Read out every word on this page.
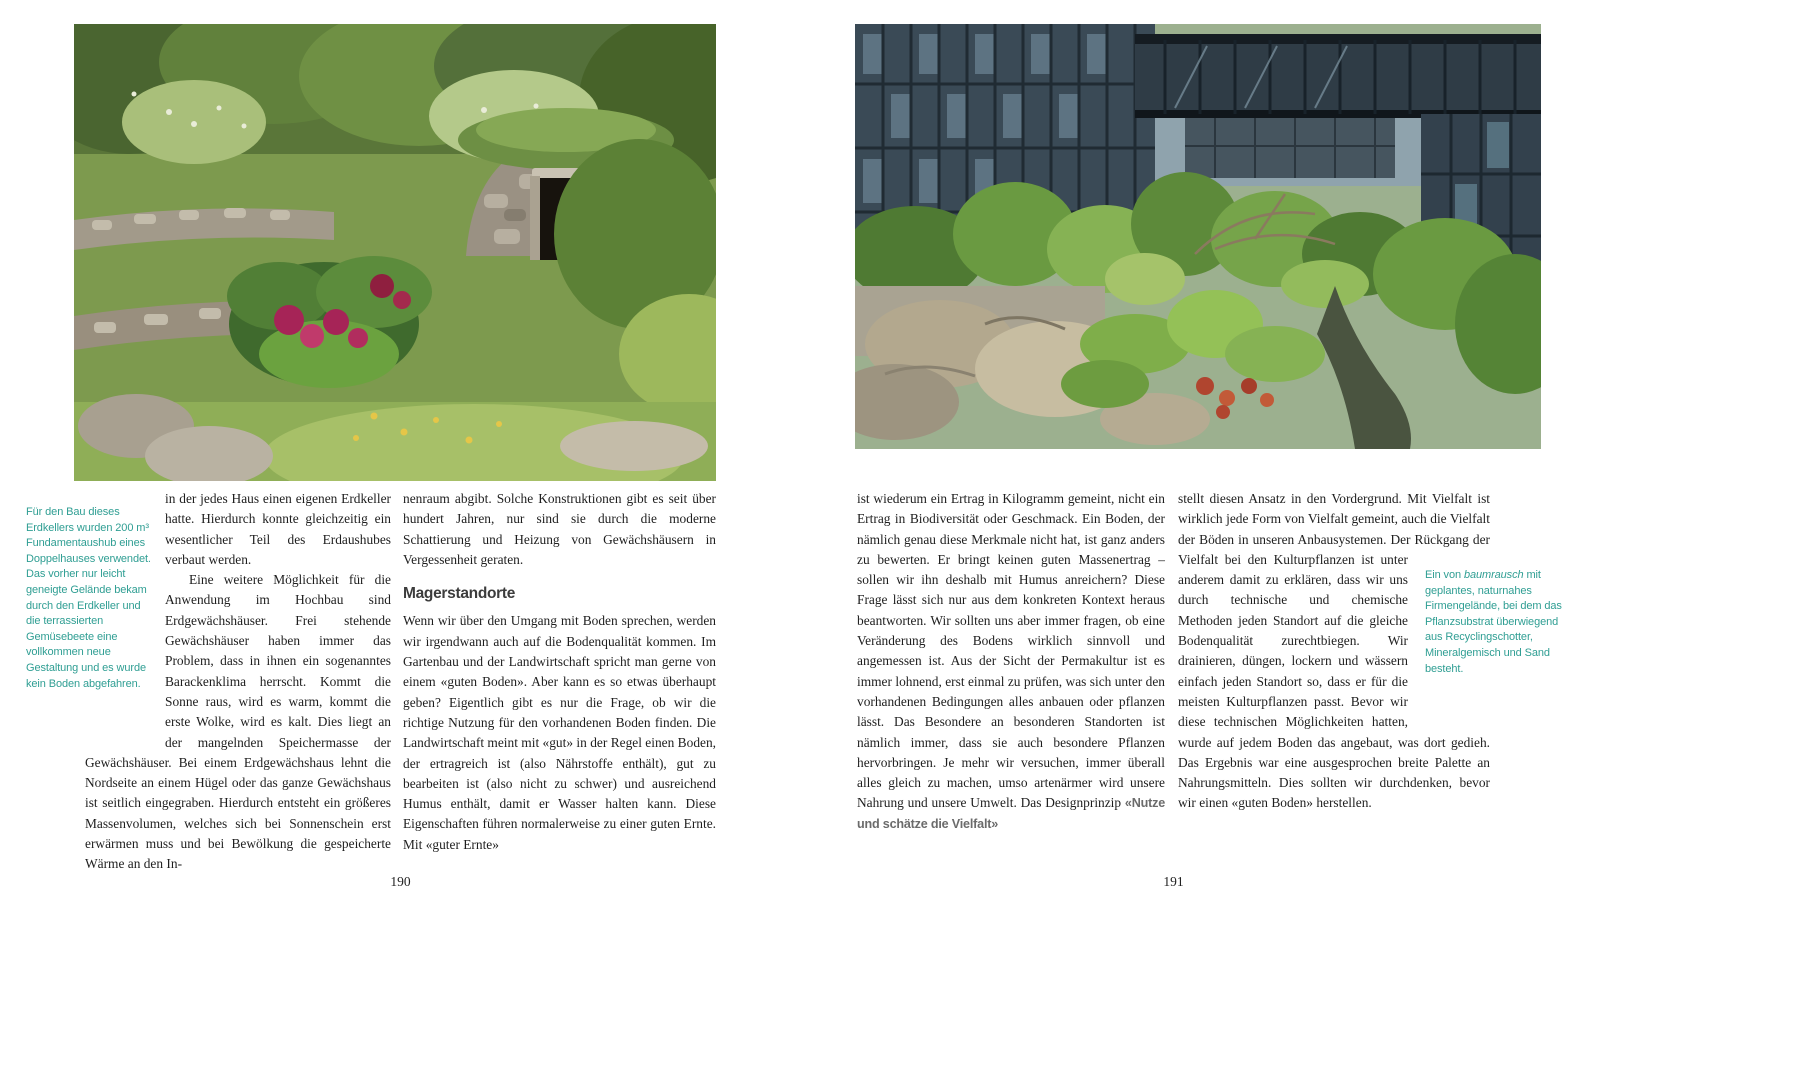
Für den Bau dieses Erdkellers wurden 200 m³ Fundamentaushub eines Doppelhauses verwendet. Das vorher nur leicht geneigte Gelände bekam durch den Erdkeller und die terrassierten Gemüsebeete eine vollkommen neue Gestaltung und es wurde kein Boden abgefahren.

in der jedes Haus einen eigenen Erdkeller hatte. Hierdurch konnte gleichzeitig ein wesentlicher Teil des Erdaushubes verbaut werden.

Eine weitere Möglichkeit für die Anwendung im Hochbau sind Erdgewächshäuser. Frei stehende Gewächshäuser haben immer das Problem, dass in ihnen ein sogenanntes Barackenklima herrscht. Kommt die Sonne raus, wird es warm, kommt die erste Wolke, wird es kalt. Dies liegt an der mangelnden Speichermasse der Gewächshäuser. Bei einem Erdgewächshaus lehnt die Nordseite an einem Hügel oder das ganze Gewächshaus ist seitlich eingegraben. Hierdurch entsteht ein größeres Massenvolumen, welches sich bei Sonnenschein erst erwärmen muss und bei Bewölkung die gespeicherte Wärme an den In-

nenraum abgibt. Solche Konstruktionen gibt es seit über hundert Jahren, nur sind sie durch die moderne Schattierung und Heizung von Gewächshäusern in Vergessenheit geraten.

Magerstandorte

Wenn wir über den Umgang mit Boden sprechen, werden wir irgendwann auch auf die Bodenqualität kommen. Im Gartenbau und der Landwirtschaft spricht man gerne von einem «guten Boden». Aber kann es so etwas überhaupt geben? Eigentlich gibt es nur die Frage, ob wir die richtige Nutzung für den vorhandenen Boden finden. Die Landwirtschaft meint mit «gut» in der Regel einen Boden, der ertragreich ist (also Nährstoffe enthält), gut zu bearbeiten ist (also nicht zu schwer) und ausreichend Humus enthält, damit er Wasser halten kann. Diese Eigenschaften führen normalerweise zu einer guten Ernte. Mit «guter Ernte»

ist wiederum ein Ertrag in Kilogramm gemeint, nicht ein Ertrag in Biodiversität oder Geschmack. Ein Boden, der nämlich genau diese Merkmale nicht hat, ist ganz anders zu bewerten. Er bringt keinen guten Massenertrag – sollen wir ihn deshalb mit Humus anreichern? Diese Frage lässt sich nur aus dem konkreten Kontext heraus beantworten. Wir sollten uns aber immer fragen, ob eine Veränderung des Bodens wirklich sinnvoll und angemessen ist. Aus der Sicht der Permakultur ist es immer lohnend, erst einmal zu prüfen, was sich unter den vorhandenen Bedingungen alles anbauen oder pflanzen lässt. Das Besondere an besonderen Standorten ist nämlich immer, dass sie auch besondere Pflanzen hervorbringen. Je mehr wir versuchen, immer überall alles gleich zu machen, umso artenärmer wird unsere Nahrung und unsere Umwelt. Das Designprinzip «Nutze und schätze die Vielfalt»

stellt diesen Ansatz in den Vordergrund. Mit Vielfalt ist wirklich jede Form von Vielfalt gemeint, auch die Vielfalt der Böden in unseren Anbausystemen. Der Rückgang der
Vielfalt bei den Kulturpflanzen ist unter anderem damit zu erklären, dass wir uns durch technische und chemische Methoden jeden Standort auf die gleiche Bodenqualität zurechtbiegen. Wir drainieren, düngen, lockern und wässern einfach jeden Standort so, dass er für die meisten Kulturpflanzen passt. Bevor wir diese technischen Möglichkeiten hatten, wurde auf jedem Boden das angebaut, was dort gedieh. Das Ergebnis war eine ausgesprochen breite Palette an Nahrungsmitteln. Dies sollten wir durchdenken, bevor wir einen «guten Boden» herstellen.

Ein von baumrausch mit geplantes, naturnahes Firmengelände, bei dem das Pflanzsubstrat überwiegend aus Recyclingschotter, Mineralgemisch und Sand besteht.
190	191
